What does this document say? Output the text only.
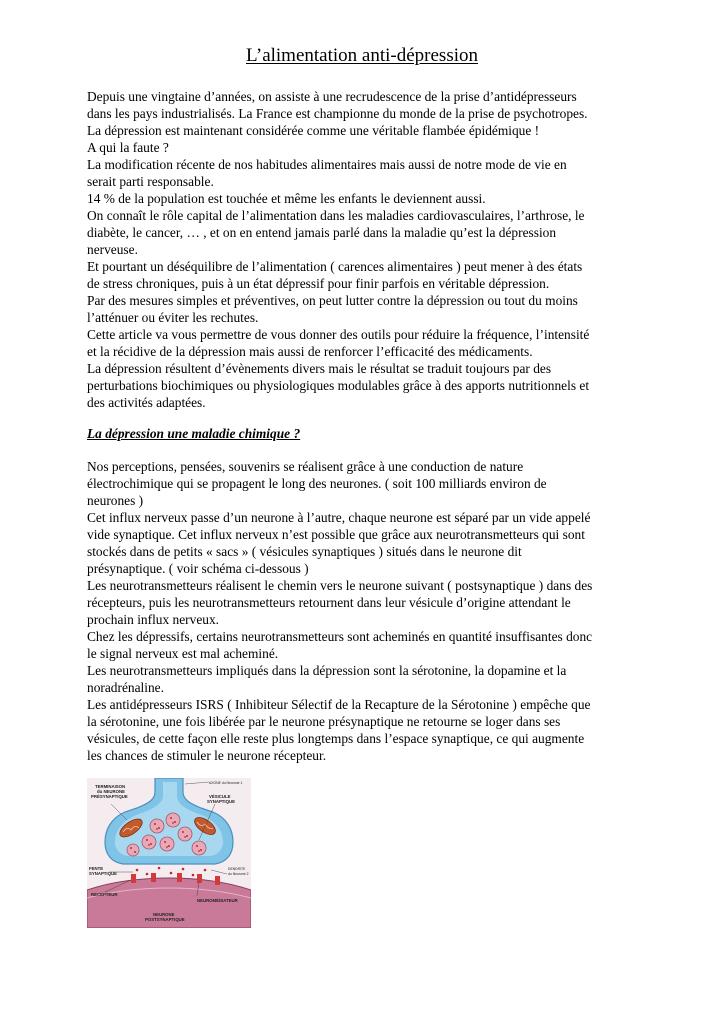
L’alimentation anti-dépression

Depuis une vingtaine d’années, on assiste à une recrudescence de la prise d’antidépresseurs

dans les pays industrialisés. La France est championne du monde de la prise de psychotropes.

La dépression est maintenant considérée comme une véritable flambée épidémique !

A qui la faute ?

La modification récente de nos habitudes alimentaires mais aussi de notre mode de vie en

serait parti responsable.

14 % de la population est touchée et même les enfants le deviennent aussi.

On connaît le rôle capital de l’alimentation dans les maladies cardiovasculaires, l’arthrose, le

diabète, le cancer, … , et on en entend jamais parlé dans la maladie qu’est la dépression

nerveuse.

Et pourtant un déséquilibre de l’alimentation ( carences alimentaires ) peut mener à des états

de stress chroniques, puis à un état dépressif pour finir parfois en véritable dépression.

Par des mesures simples et préventives, on peut lutter contre la dépression ou tout du moins

l’atténuer ou éviter les rechutes.

Cette article va vous permettre de vous donner des outils pour réduire la fréquence, l’intensité

et la récidive de la dépression mais aussi de renforcer l’efficacité des médicaments.

La dépression résultent d’évènements divers mais le résultat se traduit toujours par des

perturbations biochimiques ou physiologiques modulables grâce à des apports nutritionnels et

des activités adaptées.

La dépression une maladie chimique ?

Nos perceptions, pensées, souvenirs se réalisent grâce à une conduction de nature

électrochimique qui se propagent le long des neurones. ( soit 100 milliards environ de

neurones )

Cet influx nerveux passe d’un neurone à l’autre, chaque neurone est séparé par un vide appelé

vide synaptique. Cet influx nerveux n’est possible que grâce aux neurotransmetteurs qui sont

stockés dans de petits « sacs » ( vésicules synaptiques ) situés dans le neurone dit

présynaptique. ( voir schéma ci-dessous )

Les neurotransmetteurs réalisent le chemin vers le neurone suivant ( postsynaptique ) dans des

récepteurs, puis les neurotransmetteurs retournent dans leur vésicule d’origine attendant le

prochain influx nerveux.

Chez les dépressifs, certains neurotransmetteurs sont acheminés en quantité insuffisantes donc

le signal nerveux est mal acheminé.

Les neurotransmetteurs impliqués dans la dépression sont la sérotonine, la dopamine et la

noradrénaline.

Les antidépresseurs ISRS ( Inhibiteur Sélectif de la Recapture de la Sérotonine ) empêche que

la sérotonine, une fois libérée par le neurone présynaptique ne retourne se loger dans ses

vésicules, de cette façon elle reste plus longtemps dans l’espace synaptique, ce qui augmente

les chances de stimuler le neurone récepteur.

TERMINAISON
du NEURONE
PRÉSYNAPTIQUE
AXONE du Neurone 1
VÉSICULE
SYNAPTIQUE
FENTE
SYNAPTIQUE
DENDRITE
du Neurone 2
RECEPTEUR
NEUROMÉDIATEUR
NEURONE
POSTSYNAPTIQUE
